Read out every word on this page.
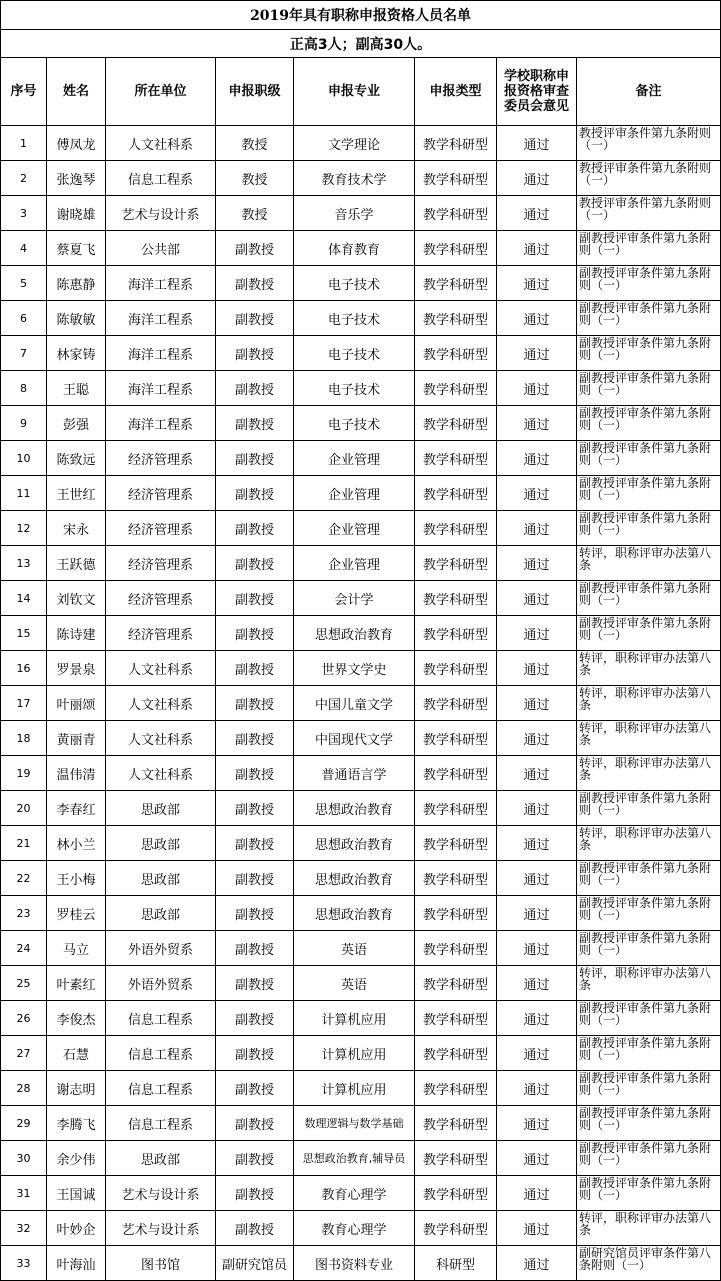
2019年具有职称申报资格人员名单							
正高3人；副高30人。							
序号	姓名	所在单位	申报职级	申报专业	申报类型	学校职称申报资格审查委员会意见	备注
1	傅凤龙	人文社科系	教授	文学理论	教学科研型	通过	教授评审条件第九条附则（一）
2	张逸琴	信息工程系	教授	教育技术学	教学科研型	通过	教授评审条件第九条附则（一）
3	谢晓雄	艺术与设计系	教授	音乐学	教学科研型	通过	教授评审条件第九条附则（一）
4	蔡夏飞	公共部	副教授	体育教育	教学科研型	通过	副教授评审条件第九条附则（一）
5	陈惠静	海洋工程系	副教授	电子技术	教学科研型	通过	副教授评审条件第九条附则（一）
6	陈敏敏	海洋工程系	副教授	电子技术	教学科研型	通过	副教授评审条件第九条附则（一）
7	林家铸	海洋工程系	副教授	电子技术	教学科研型	通过	副教授评审条件第九条附则（一）
8	王聪	海洋工程系	副教授	电子技术	教学科研型	通过	副教授评审条件第九条附则（一）
9	彭强	海洋工程系	副教授	电子技术	教学科研型	通过	副教授评审条件第九条附则（一）
10	陈致远	经济管理系	副教授	企业管理	教学科研型	通过	副教授评审条件第九条附则（一）
11	王世红	经济管理系	副教授	企业管理	教学科研型	通过	副教授评审条件第九条附则（一）
12	宋永	经济管理系	副教授	企业管理	教学科研型	通过	副教授评审条件第九条附则（一）
13	王跃德	经济管理系	副教授	企业管理	教学科研型	通过	转评，职称评审办法第八条
14	刘钦文	经济管理系	副教授	会计学	教学科研型	通过	副教授评审条件第九条附则（一）
15	陈诗建	经济管理系	副教授	思想政治教育	教学科研型	通过	副教授评审条件第九条附则（一）
16	罗景泉	人文社科系	副教授	世界文学史	教学科研型	通过	转评，职称评审办法第八条
17	叶丽颂	人文社科系	副教授	中国儿童文学	教学科研型	通过	转评，职称评审办法第八条
18	黄丽青	人文社科系	副教授	中国现代文学	教学科研型	通过	转评，职称评审办法第八条
19	温伟清	人文社科系	副教授	普通语言学	教学科研型	通过	转评，职称评审办法第八条
20	李春红	思政部	副教授	思想政治教育	教学科研型	通过	副教授评审条件第九条附则（一）
21	林小兰	思政部	副教授	思想政治教育	教学科研型	通过	转评，职称评审办法第八条
22	王小梅	思政部	副教授	思想政治教育	教学科研型	通过	副教授评审条件第九条附则（一）
23	罗桂云	思政部	副教授	思想政治教育	教学科研型	通过	副教授评审条件第九条附则（一）
24	马立	外语外贸系	副教授	英语	教学科研型	通过	副教授评审条件第九条附则（一）
25	叶素红	外语外贸系	副教授	英语	教学科研型	通过	转评，职称评审办法第八条
26	李俊杰	信息工程系	副教授	计算机应用	教学科研型	通过	副教授评审条件第九条附则（一）
27	石慧	信息工程系	副教授	计算机应用	教学科研型	通过	副教授评审条件第九条附则（一）
28	谢志明	信息工程系	副教授	计算机应用	教学科研型	通过	副教授评审条件第九条附则（一）
29	李腾飞	信息工程系	副教授	数理逻辑与数学基础	教学科研型	通过	副教授评审条件第九条附则（一）
30	余少伟	思政部	副教授	思想政治教育,辅导员	教学科研型	通过	副教授评审条件第九条附则（一）
31	王国诚	艺术与设计系	副教授	教育心理学	教学科研型	通过	副教授评审条件第九条附则（一）
32	叶妙企	艺术与设计系	副教授	教育心理学	教学科研型	通过	转评，职称评审办法第八条
33	叶海汕	图书馆	副研究馆员	图书资料专业	科研型	通过	副研究馆员评审条件第八条附则（一）
